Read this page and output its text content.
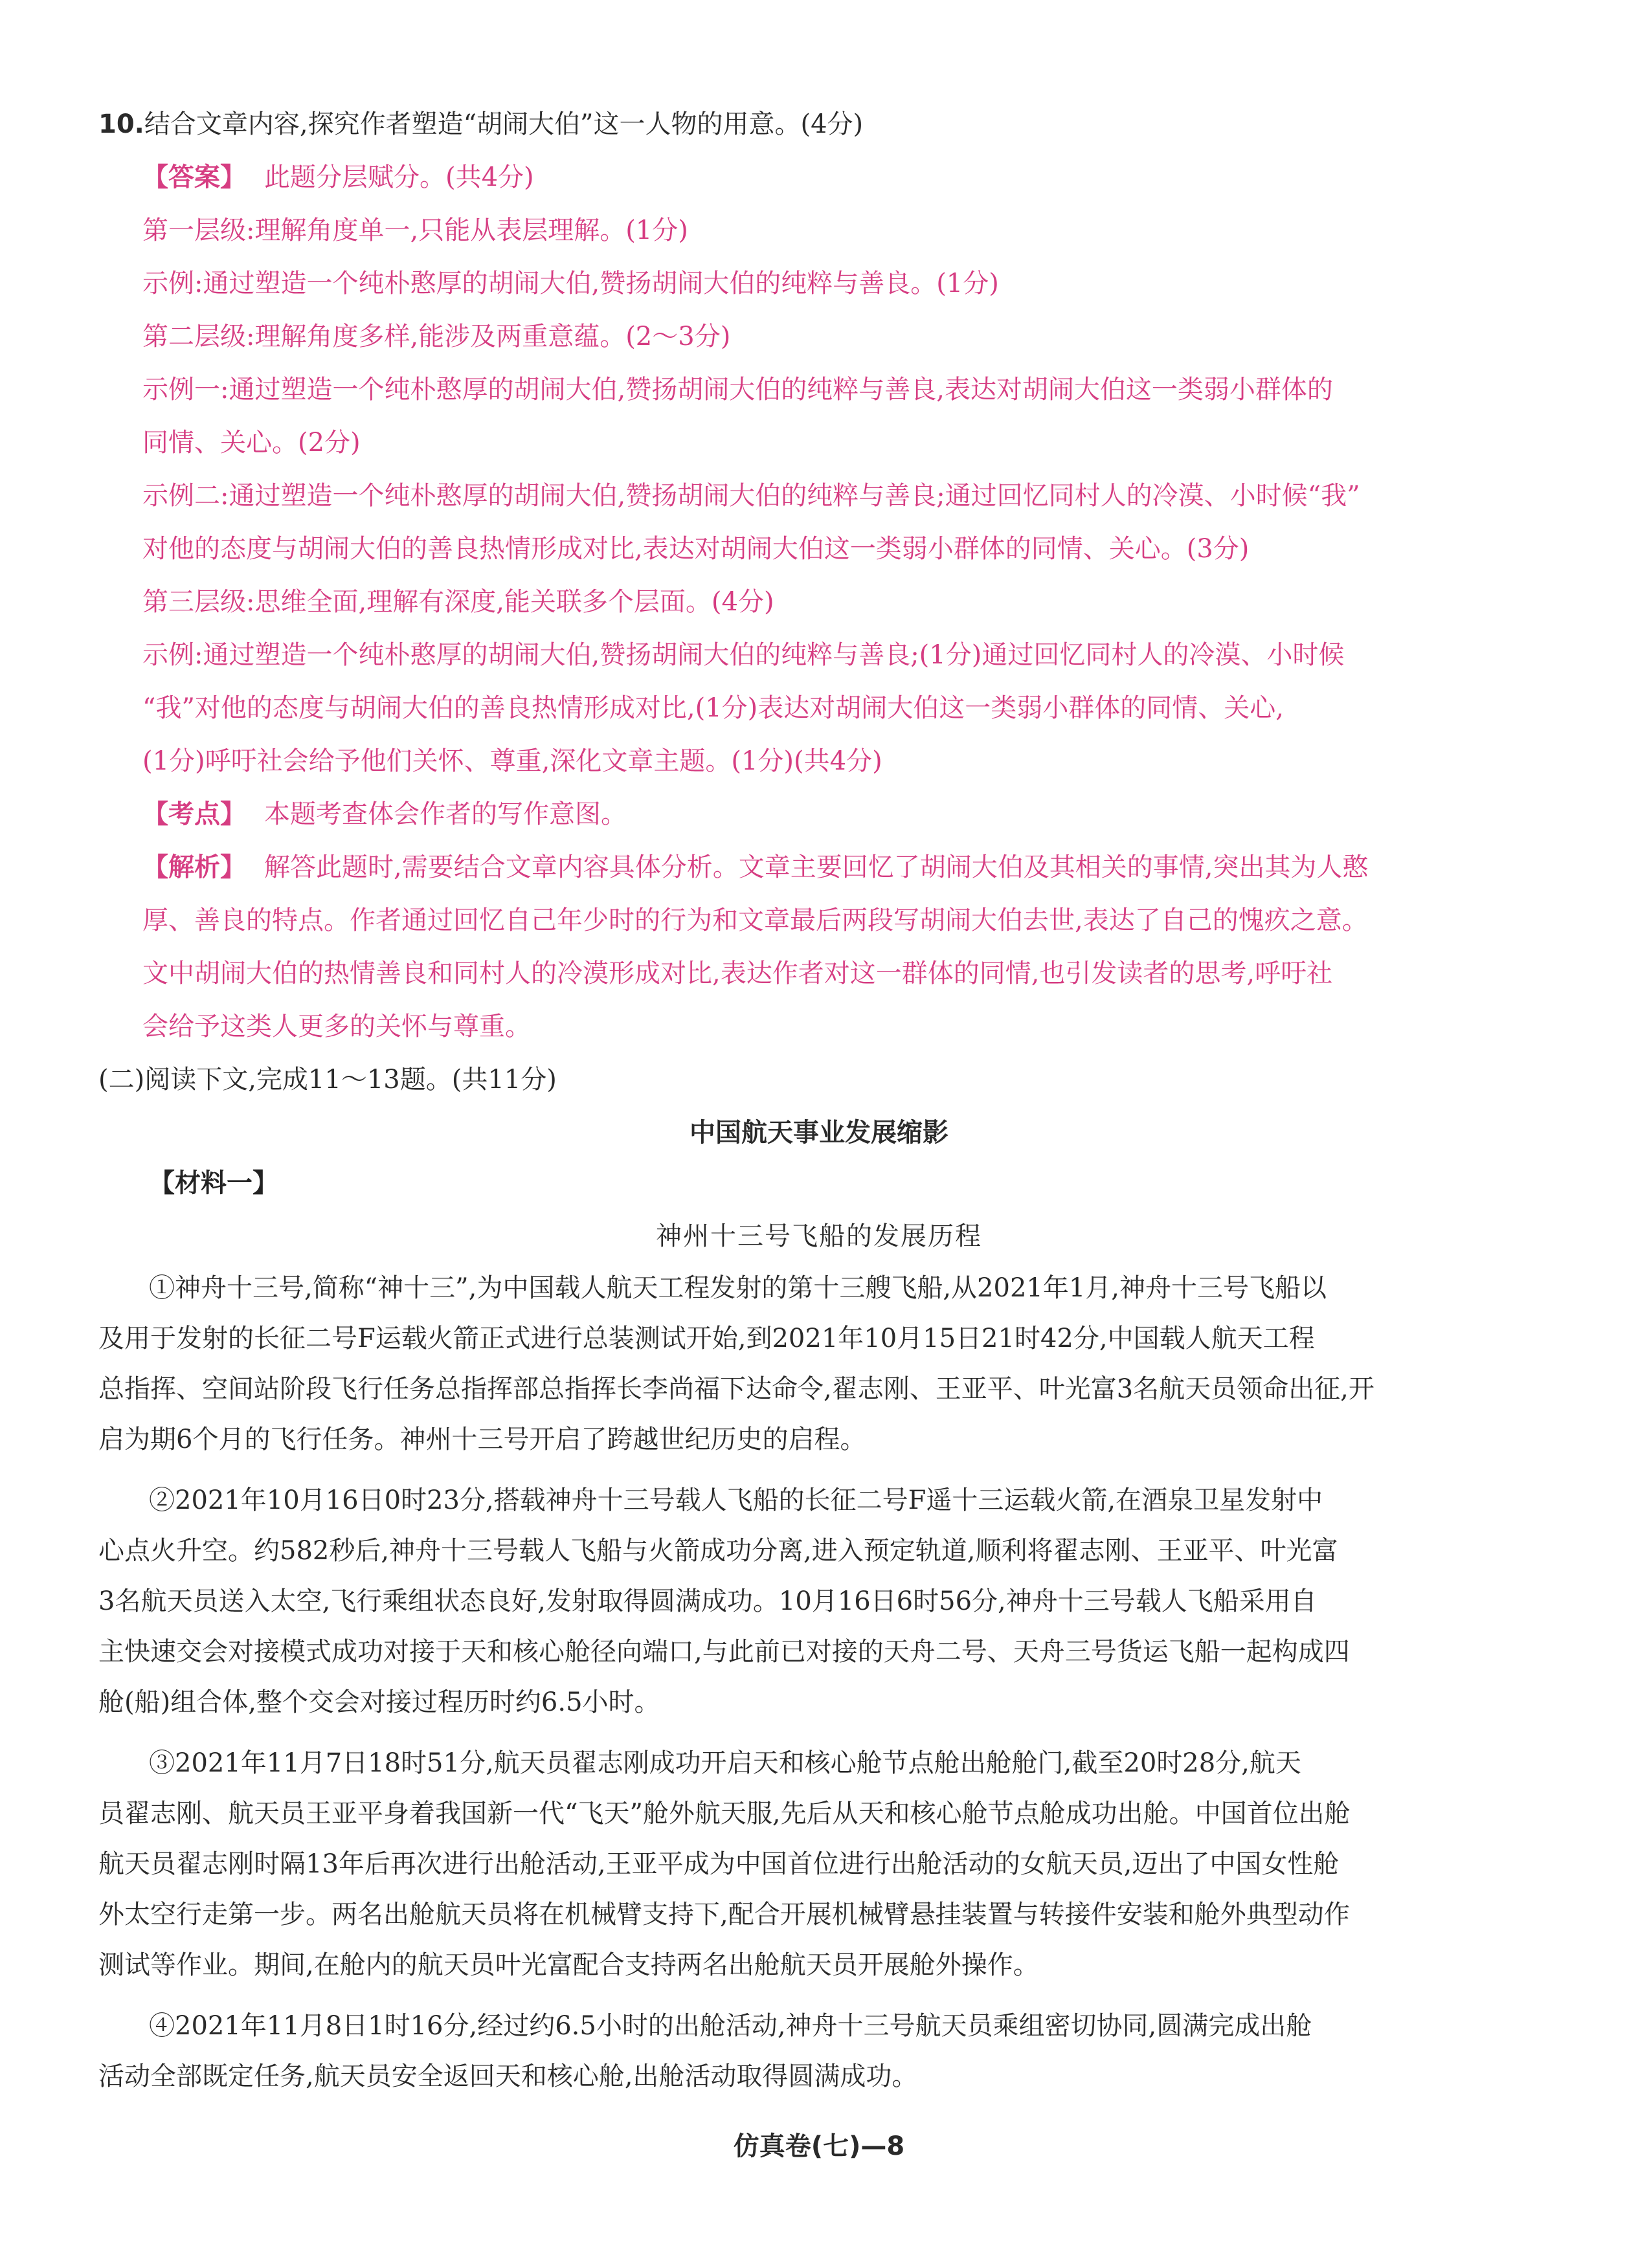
10.结合文章内容,探究作者塑造“胡闹大伯”这一人物的用意。(4分)
【答案】 此题分层赋分。(共4分)
第一层级:理解角度单一,只能从表层理解。(1分)
示例:通过塑造一个纯朴憨厚的胡闹大伯,赞扬胡闹大伯的纯粹与善良。(1分)
第二层级:理解角度多样,能涉及两重意蕴。(2～3分)
示例一:通过塑造一个纯朴憨厚的胡闹大伯,赞扬胡闹大伯的纯粹与善良,表达对胡闹大伯这一类弱小群体的
同情、关心。(2分)
示例二:通过塑造一个纯朴憨厚的胡闹大伯,赞扬胡闹大伯的纯粹与善良;通过回忆同村人的冷漠、小时候“我”
对他的态度与胡闹大伯的善良热情形成对比,表达对胡闹大伯这一类弱小群体的同情、关心。(3分)
第三层级:思维全面,理解有深度,能关联多个层面。(4分)
示例:通过塑造一个纯朴憨厚的胡闹大伯,赞扬胡闹大伯的纯粹与善良;(1分)通过回忆同村人的冷漠、小时候
“我”对他的态度与胡闹大伯的善良热情形成对比,(1分)表达对胡闹大伯这一类弱小群体的同情、关心,
(1分)呼吁社会给予他们关怀、尊重,深化文章主题。(1分)(共4分)
【考点】 本题考查体会作者的写作意图。
【解析】 解答此题时,需要结合文章内容具体分析。文章主要回忆了胡闹大伯及其相关的事情,突出其为人憨
厚、善良的特点。作者通过回忆自己年少时的行为和文章最后两段写胡闹大伯去世,表达了自己的愧疚之意。
文中胡闹大伯的热情善良和同村人的冷漠形成对比,表达作者对这一群体的同情,也引发读者的思考,呼吁社
会给予这类人更多的关怀与尊重。
(二)阅读下文,完成11～13题。(共11分)
中国航天事业发展缩影
【材料一】
神州十三号飞船的发展历程
①神舟十三号,简称“神十三”,为中国载人航天工程发射的第十三艘飞船,从2021年1月,神舟十三号飞船以
及用于发射的长征二号F运载火箭正式进行总装测试开始,到2021年10月15日21时42分,中国载人航天工程
总指挥、空间站阶段飞行任务总指挥部总指挥长李尚福下达命令,翟志刚、王亚平、叶光富3名航天员领命出征,开
启为期6个月的飞行任务。神州十三号开启了跨越世纪历史的启程。
②2021年10月16日0时23分,搭载神舟十三号载人飞船的长征二号F遥十三运载火箭,在酒泉卫星发射中
心点火升空。约582秒后,神舟十三号载人飞船与火箭成功分离,进入预定轨道,顺利将翟志刚、王亚平、叶光富
3名航天员送入太空,飞行乘组状态良好,发射取得圆满成功。10月16日6时56分,神舟十三号载人飞船采用自
主快速交会对接模式成功对接于天和核心舱径向端口,与此前已对接的天舟二号、天舟三号货运飞船一起构成四
舱(船)组合体,整个交会对接过程历时约6.5小时。
③2021年11月7日18时51分,航天员翟志刚成功开启天和核心舱节点舱出舱舱门,截至20时28分,航天
员翟志刚、航天员王亚平身着我国新一代“飞天”舱外航天服,先后从天和核心舱节点舱成功出舱。中国首位出舱
航天员翟志刚时隔13年后再次进行出舱活动,王亚平成为中国首位进行出舱活动的女航天员,迈出了中国女性舱
外太空行走第一步。两名出舱航天员将在机械臂支持下,配合开展机械臂悬挂装置与转接件安装和舱外典型动作
测试等作业。期间,在舱内的航天员叶光富配合支持两名出舱航天员开展舱外操作。
④2021年11月8日1时16分,经过约6.5小时的出舱活动,神舟十三号航天员乘组密切协同,圆满完成出舱
活动全部既定任务,航天员安全返回天和核心舱,出舱活动取得圆满成功。
仿真卷(七)—8
